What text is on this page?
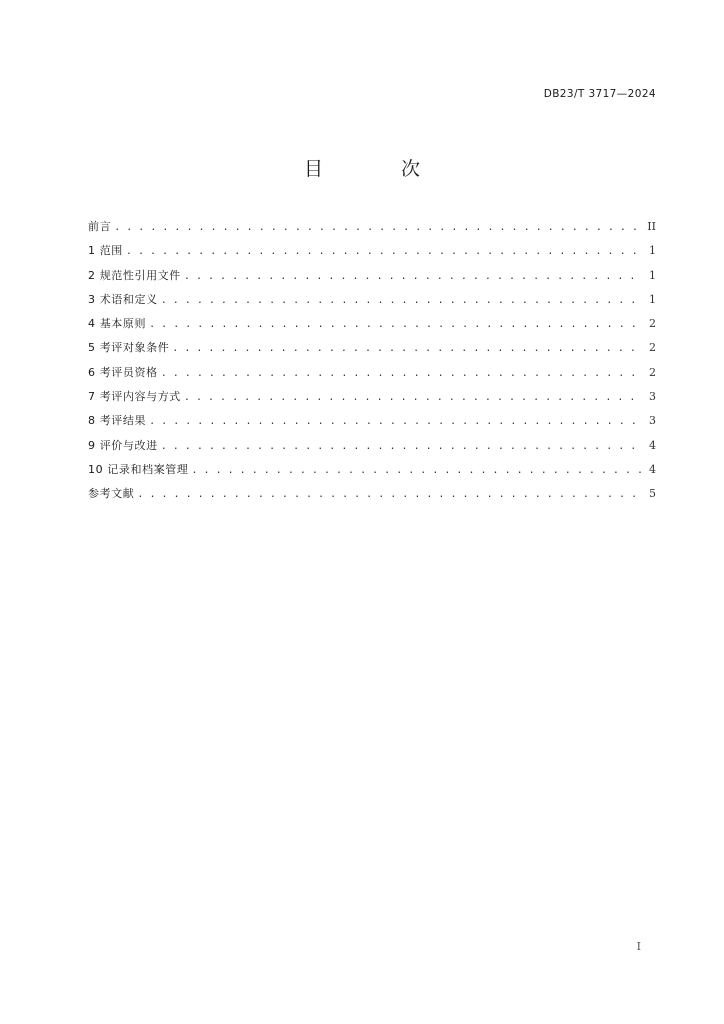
DB23/T 3717—2024
目 次
前言 . . .	II
1 范围 . . .	1
2 规范性引用文件 . . .	1
3 术语和定义 . . .	1
4 基本原则 . . .	2
5 考评对象条件 . . .	2
6 考评员资格 . . .	2
7 考评内容与方式 . . .	3
8 考评结果 . . .	3
9 评价与改进 . . .	4
10 记录和档案管理 . . .	4
参考文献 . . .	5
I
